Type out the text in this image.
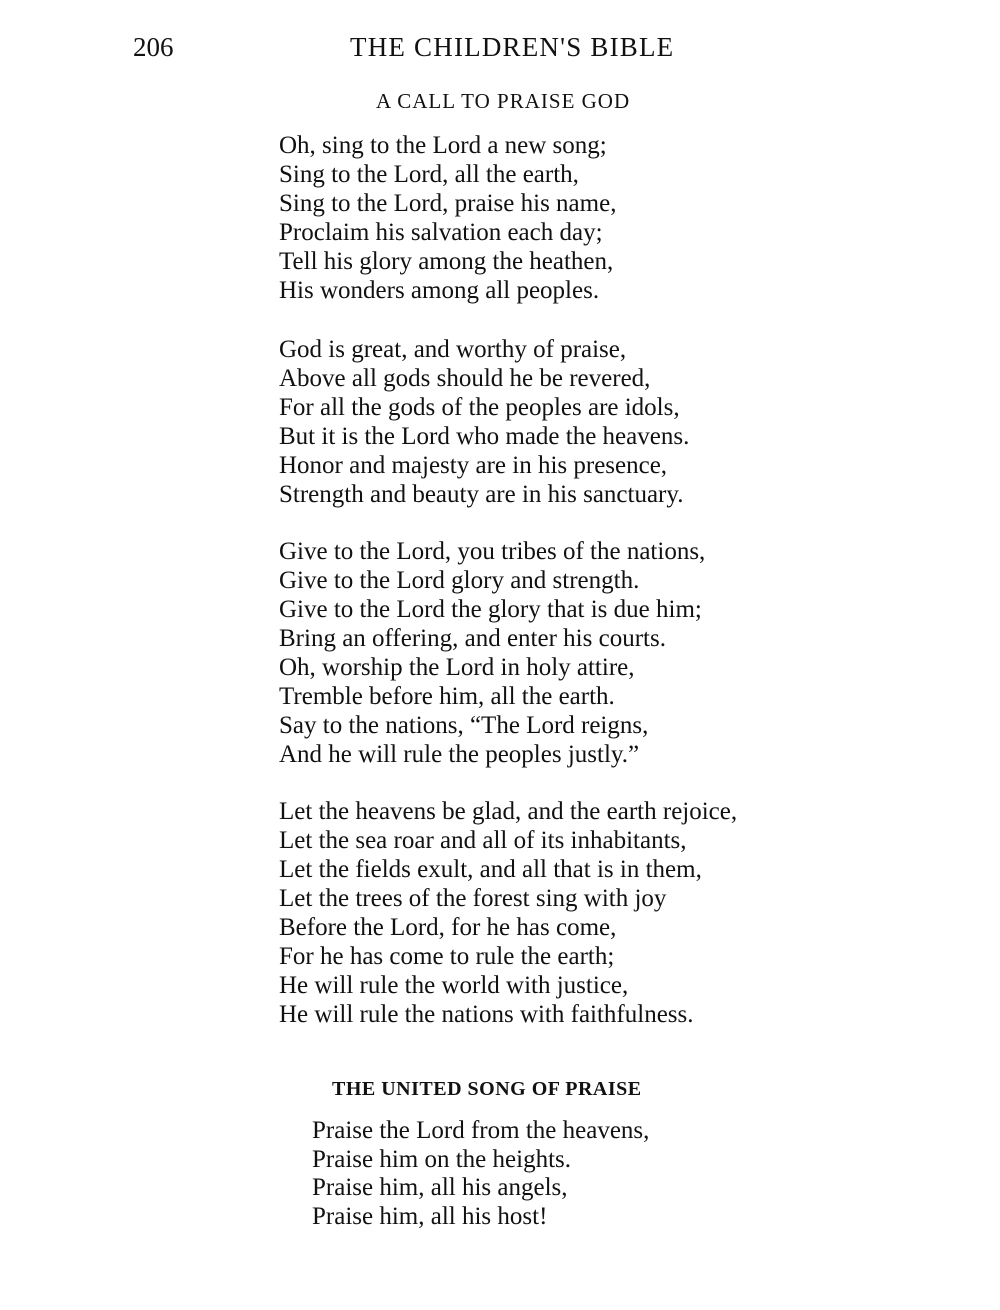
206	THE CHILDREN'S BIBLE
A CALL TO PRAISE GOD
Oh, sing to the Lord a new song;
Sing to the Lord, all the earth,
Sing to the Lord, praise his name,
Proclaim his salvation each day;
Tell his glory among the heathen,
His wonders among all peoples.
God is great, and worthy of praise,
Above all gods should he be revered,
For all the gods of the peoples are idols,
But it is the Lord who made the heavens.
Honor and majesty are in his presence,
Strength and beauty are in his sanctuary.
Give to the Lord, you tribes of the nations,
Give to the Lord glory and strength.
Give to the Lord the glory that is due him;
Bring an offering, and enter his courts.
Oh, worship the Lord in holy attire,
Tremble before him, all the earth.
Say to the nations, “The Lord reigns,
And he will rule the peoples justly.”
Let the heavens be glad, and the earth rejoice,
Let the sea roar and all of its inhabitants,
Let the fields exult, and all that is in them,
Let the trees of the forest sing with joy
Before the Lord, for he has come,
For he has come to rule the earth;
He will rule the world with justice,
He will rule the nations with faithfulness.
THE UNITED SONG OF PRAISE
Praise the Lord from the heavens,
Praise him on the heights.
Praise him, all his angels,
Praise him, all his host!
